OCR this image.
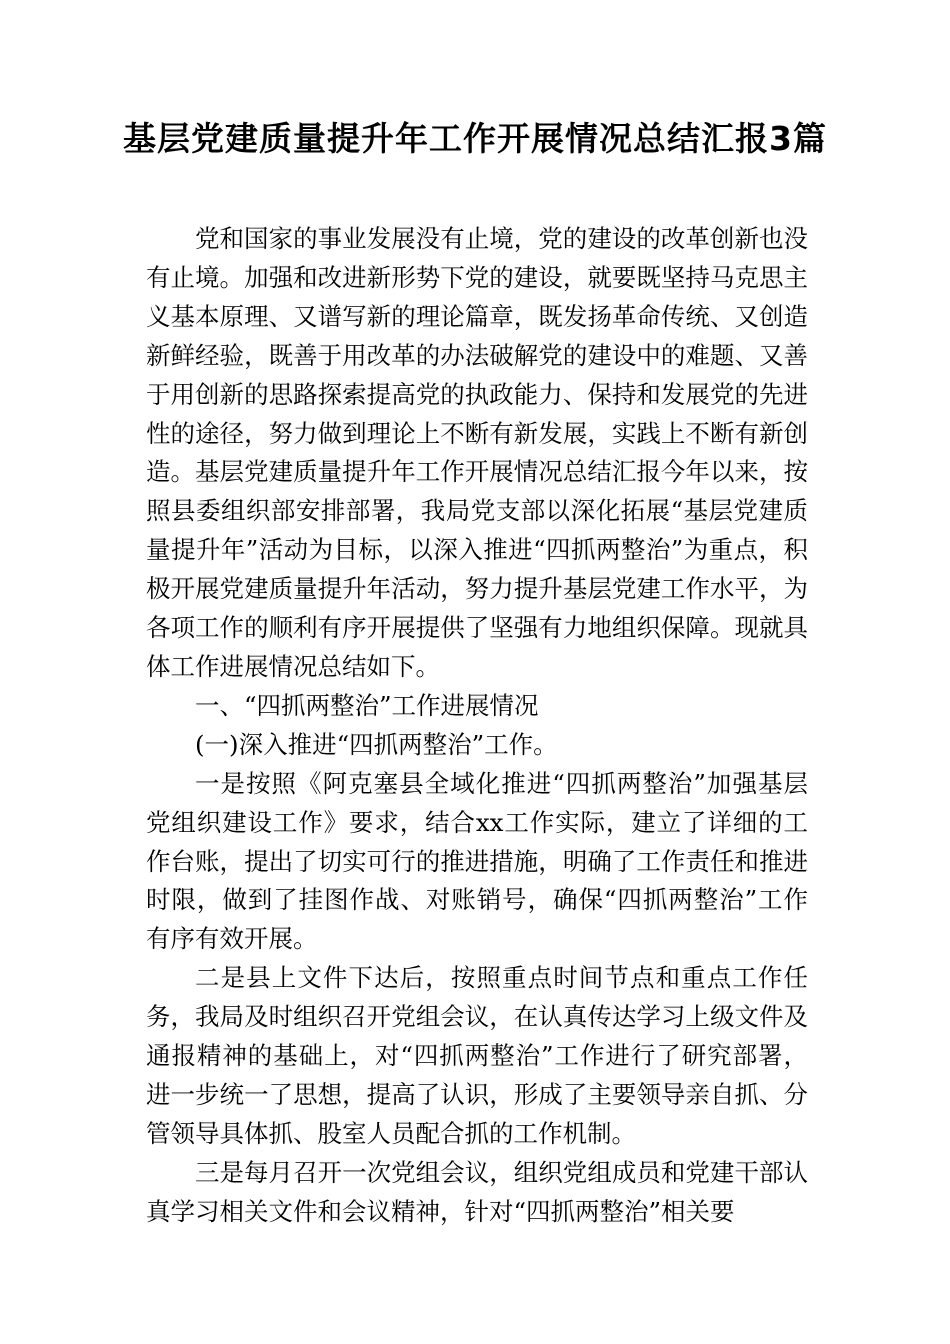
基层党建质量提升年工作开展情况总结汇报3篇

党和国家的事业发展没有止境，党的建设的改革创新也没有止境。加强和改进新形势下党的建设，就要既坚持马克思主义基本原理、又谱写新的理论篇章，既发扬革命传统、又创造新鲜经验，既善于用改革的办法破解党的建设中的难题、又善于用创新的思路探索提高党的执政能力、保持和发展党的先进性的途径，努力做到理论上不断有新发展，实践上不断有新创造。基层党建质量提升年工作开展情况总结汇报今年以来，按照县委组织部安排部署，我局党支部以深化拓展“基层党建质量提升年”活动为目标，以深入推进“四抓两整治”为重点，积极开展党建质量提升年活动，努力提升基层党建工作水平，为各项工作的顺利有序开展提供了坚强有力地组织保障。现就具体工作进展情况总结如下。

一、“四抓两整治”工作进展情况

(一)深入推进“四抓两整治”工作。

一是按照《阿克塞县全域化推进“四抓两整治”加强基层党组织建设工作》要求，结合xx工作实际，建立了详细的工作台账，提出了切实可行的推进措施，明确了工作责任和推进时限，做到了挂图作战、对账销号，确保“四抓两整治”工作有序有效开展。

二是县上文件下达后，按照重点时间节点和重点工作任务，我局及时组织召开党组会议，在认真传达学习上级文件及通报精神的基础上，对“四抓两整治”工作进行了研究部署，进一步统一了思想，提高了认识，形成了主要领导亲自抓、分管领导具体抓、股室人员配合抓的工作机制。

三是每月召开一次党组会议，组织党组成员和党建干部认真学习相关文件和会议精神，针对“四抓两整治”相关要
